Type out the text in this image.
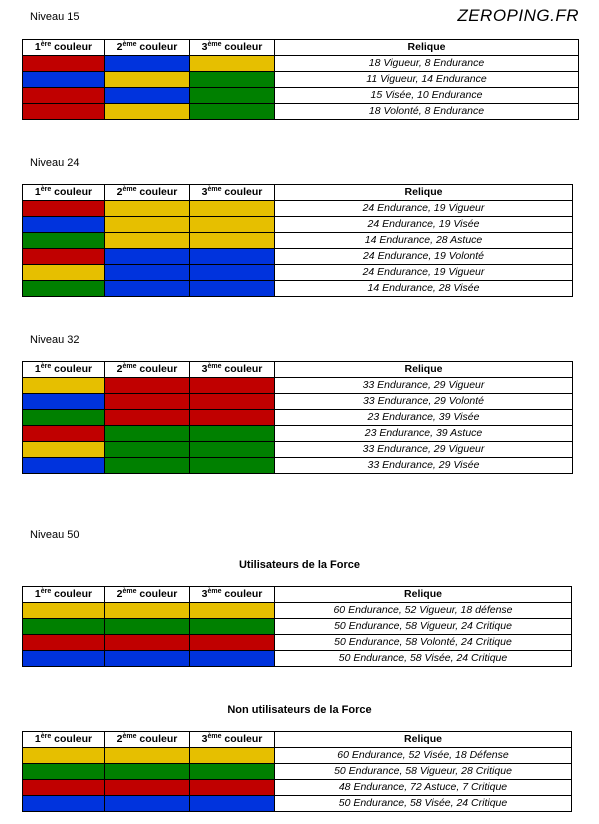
ZEROPING.FR
Niveau 15
1ère couleur	2ème couleur	3ème couleur	Relique
			18 Vigueur, 8 Endurance
			11 Vigueur, 14 Endurance
			15 Visée, 10 Endurance
			18 Volonté, 8 Endurance
Niveau 24
1ère couleur	2ème couleur	3ème couleur	Relique
			24 Endurance, 19 Vigueur
			24 Endurance, 19 Visée
			14 Endurance, 28 Astuce
			24 Endurance, 19 Volonté
			24 Endurance, 19 Vigueur
			14 Endurance, 28 Visée
Niveau 32
1ère couleur	2ème couleur	3ème couleur	Relique
			33 Endurance, 29 Vigueur
			33 Endurance, 29 Volonté
			23 Endurance, 39 Visée
			23 Endurance, 39 Astuce
			33 Endurance, 29 Vigueur
			33 Endurance, 29 Visée
Niveau 50
Utilisateurs de la Force
1ère couleur	2ème couleur	3ème couleur	Relique
			60 Endurance, 52 Vigueur, 18 défense
			50 Endurance, 58 Vigueur, 24 Critique
			50 Endurance, 58 Volonté, 24 Critique
			50 Endurance, 58 Visée, 24 Critique
Non utilisateurs de la Force
1ère couleur	2ème couleur	3ème couleur	Relique
			60 Endurance, 52 Visée, 18 Défense
			50 Endurance, 58 Vigueur, 28 Critique
			48 Endurance, 72 Astuce, 7 Critique
			50 Endurance, 58 Visée, 24 Critique
